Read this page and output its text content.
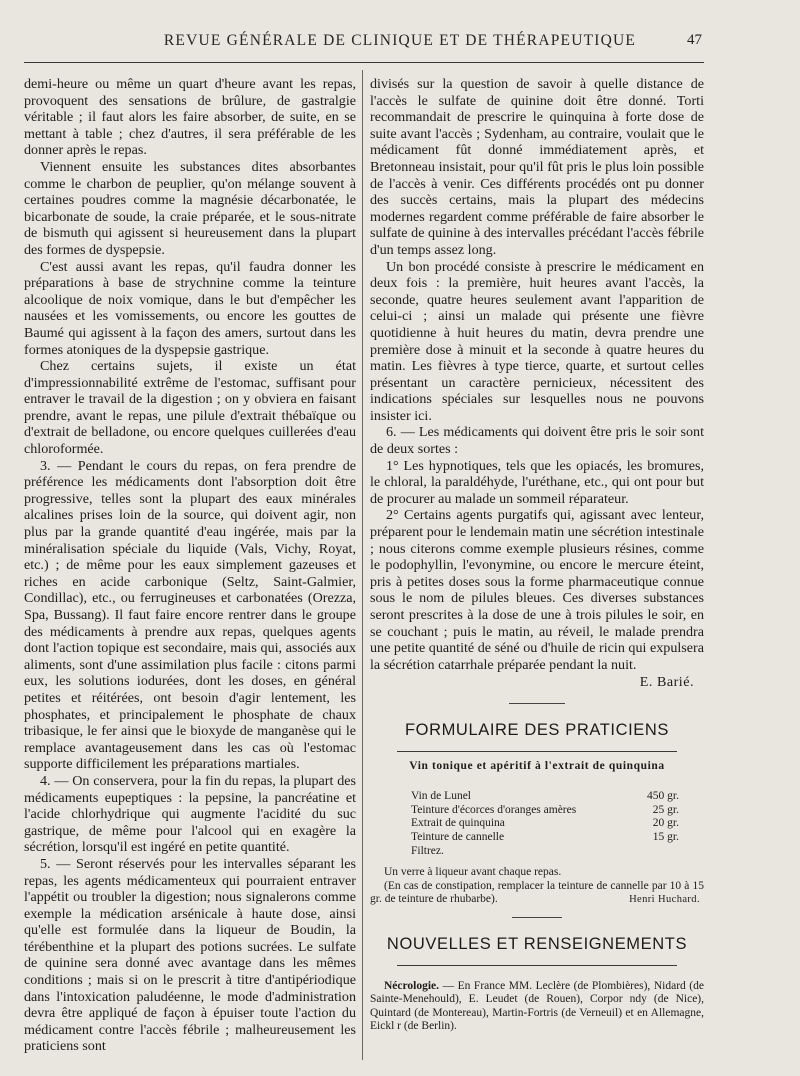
REVUE GÉNÉRALE DE CLINIQUE ET DE THÉRAPEUTIQUE	47

demi-heure ou même un quart d'heure avant les repas, provoquent des sensations de brûlure, de gastralgie véritable ; il faut alors les faire absorber, de suite, en se mettant à table ; chez d'autres, il sera préférable de les donner après le repas.

Viennent ensuite les substances dites absorbantes comme le charbon de peuplier, qu'on mélange souvent à certaines poudres comme la magnésie décarbonatée, le bicarbonate de soude, la craie préparée, et le sous-nitrate de bismuth qui agissent si heureusement dans la plupart des formes de dyspepsie.

C'est aussi avant les repas, qu'il faudra donner les préparations à base de strychnine comme la teinture alcoolique de noix vomique, dans le but d'empêcher les nausées et les vomissements, ou encore les gouttes de Baumé qui agissent à la façon des amers, surtout dans les formes atoniques de la dyspepsie gastrique.

Chez certains sujets, il existe un état d'impressionnabilité extrême de l'estomac, suffisant pour entraver le travail de la digestion ; on y obviera en faisant prendre, avant le repas, une pilule d'extrait thébaïque ou d'extrait de belladone, ou encore quelques cuillerées d'eau chloroformée.

3. — Pendant le cours du repas, on fera prendre de préférence les médicaments dont l'absorption doit être progressive, telles sont la plupart des eaux minérales alcalines prises loin de la source, qui doivent agir, non plus par la grande quantité d'eau ingérée, mais par la minéralisation spéciale du liquide (Vals, Vichy, Royat, etc.) ; de même pour les eaux simplement gazeuses et riches en acide carbonique (Seltz, Saint-Galmier, Condillac), etc., ou ferrugineuses et carbonatées (Orezza, Spa, Bussang). Il faut faire encore rentrer dans le groupe des médicaments à prendre aux repas, quelques agents dont l'action topique est secondaire, mais qui, associés aux aliments, sont d'une assimilation plus facile : citons parmi eux, les solutions iodurées, dont les doses, en général petites et réitérées, ont besoin d'agir lentement, les phosphates, et principalement le phosphate de chaux tribasique, le fer ainsi que le bioxyde de manganèse qui le remplace avantageusement dans les cas où l'estomac supporte difficilement les préparations martiales.

4. — On conservera, pour la fin du repas, la plupart des médicaments eupeptiques : la pepsine, la pancréatine et l'acide chlorhydrique qui augmente l'acidité du suc gastrique, de même pour l'alcool qui en exagère la sécrétion, lorsqu'il est ingéré en petite quantité.

5. — Seront réservés pour les intervalles séparant les repas, les agents médicamenteux qui pourraient entraver l'appétit ou troubler la digestion; nous signalerons comme exemple la médication arsénicale à haute dose, ainsi qu'elle est formulée dans la liqueur de Boudin, la térébenthine et la plupart des potions sucrées. Le sulfate de quinine sera donné avec avantage dans les mêmes conditions ; mais si on le prescrit à titre d'antipériodique dans l'intoxication paludéenne, le mode d'administration devra être appliqué de façon à épuiser toute l'action du médicament contre l'accès fébrile ; malheureusement les praticiens sont

divisés sur la question de savoir à quelle distance de l'accès le sulfate de quinine doit être donné. Torti recommandait de prescrire le quinquina à forte dose de suite avant l'accès ; Sydenham, au contraire, voulait que le médicament fût donné immédiatement après, et Bretonneau insistait, pour qu'il fût pris le plus loin possible de l'accès à venir. Ces différents procédés ont pu donner des succès certains, mais la plupart des médecins modernes regardent comme préférable de faire absorber le sulfate de quinine à des intervalles précédant l'accès fébrile d'un temps assez long.

Un bon procédé consiste à prescrire le médicament en deux fois : la première, huit heures avant l'accès, la seconde, quatre heures seulement avant l'apparition de celui-ci ; ainsi un malade qui présente une fièvre quotidienne à huit heures du matin, devra prendre une première dose à minuit et la seconde à quatre heures du matin. Les fièvres à type tierce, quarte, et surtout celles présentant un caractère pernicieux, nécessitent des indications spéciales sur lesquelles nous ne pouvons insister ici.

6. — Les médicaments qui doivent être pris le soir sont de deux sortes :

1° Les hypnotiques, tels que les opiacés, les bromures, le chloral, la paraldéhyde, l'uréthane, etc., qui ont pour but de procurer au malade un sommeil réparateur.

2° Certains agents purgatifs qui, agissant avec lenteur, préparent pour le lendemain matin une sécrétion intestinale ; nous citerons comme exemple plusieurs résines, comme le podophyllin, l'evonymine, ou encore le mercure éteint, pris à petites doses sous la forme pharmaceutique connue sous le nom de pilules bleues. Ces diverses substances seront prescrites à la dose de une à trois pilules le soir, en se couchant ; puis le matin, au réveil, le malade prendra une petite quantité de séné ou d'huile de ricin qui expulsera la sécrétion catarrhale préparée pendant la nuit.

E. Barié.

FORMULAIRE DES PRATICIENS
Vin tonique et apéritif à l'extrait de quinquina
Vin de Lunel	450 gr.
Teinture d'écorces d'oranges amères	25 gr.
Extrait de quinquina	20 gr.
Teinture de cannelle	15 gr.
Filtrez.

Un verre à liqueur avant chaque repas.

(En cas de constipation, remplacer la teinture de cannelle par 10 à 15 gr. de teinture de rhubarbe).	Henri Huchard.

NOUVELLES ET RENSEIGNEMENTS

Nécrologie. — En France MM. Leclère (de Plombières), Nidard (de Sainte-Menehould), E. Leudet (de Rouen), Corpor ndy (de Nice), Quintard (de Montereau), Martin-Fortris (de Verneuil) et en Allemagne, Eickl r (de Berlin).
